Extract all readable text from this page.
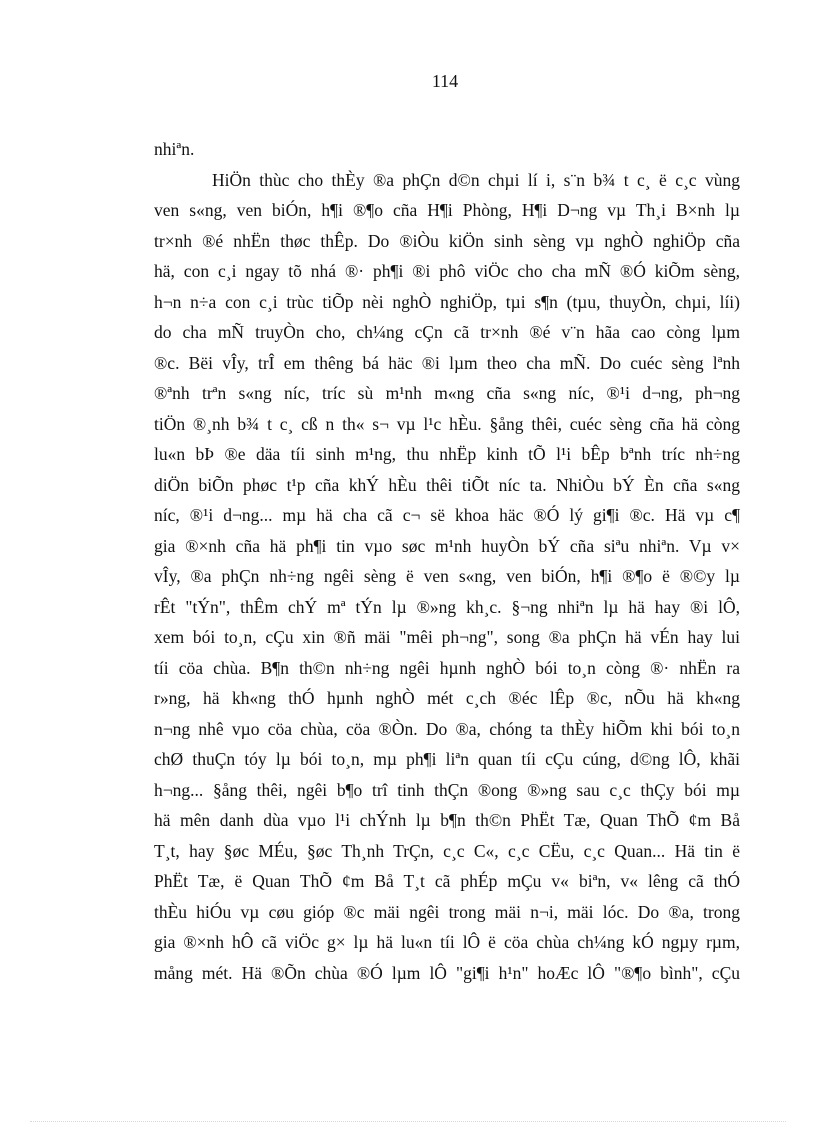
114
nhiªn.
HiÖn thùc cho thÈy ®a phÇn d©n chµi lí i, s¨n b¾ t c¸ ë c¸c vùng
ven s«ng, ven biÓn, h¶i ®¶o cña H¶i Phòng, H¶i D¬ng vµ Th¸i B×nh lµ
tr×nh ®é nhËn thøc thÊp. Do ®iÒu kiÖn sinh sèng vµ nghÒ nghiÖp cña
hä, con c¸i ngay tõ nhá ®· ph¶i ®i phô viÖc cho cha mÑ ®Ó kiÕm sèng,
h¬n n÷a con c¸i trùc tiÕp nèi nghÒ nghiÖp, tµi s¶n (tµu, thuyÒn, chµi, líi)
do cha mÑ truyÒn cho, ch¼ng cÇn cã tr×nh ®é v¨n hãa cao còng lµm
®c. Bëi vÎy, trÎ em thêng bá häc ®i lµm theo cha mÑ. Do cuéc sèng lªnh
®ªnh trªn s«ng níc, tríc sù m¹nh m«ng cña s«ng níc, ®¹i d¬ng, ph¬ng
tiÖn ®¸nh b¾ t c¸ cß n th« s¬ vµ l¹c hÈu. §ång thêi, cuéc sèng cña hä còng
lu«n bÞ ®e däa tíi sinh m¹ng, thu nhËp kinh tÕ l¹i bÊp bªnh tríc nh÷ng
diÖn biÕn phøc t¹p cña khÝ hÈu thêi tiÕt níc ta. NhiÒu bÝ Èn cña s«ng
níc, ®¹i d¬ng... mµ hä cha cã c¬ së khoa häc ®Ó lý gi¶i ®c. Hä vµ c¶
gia ®×nh cña hä ph¶i tin vµo søc m¹nh huyÒn bÝ cña siªu nhiªn. Vµ v×
vÎy, ®a phÇn nh÷ng ngêi sèng ë ven s«ng, ven biÓn, h¶i ®¶o ë ®©y lµ
rÊt "tÝn", thÊm chÝ mª tÝn lµ ®»ng kh¸c. §¬ng nhiªn lµ hä hay ®i lÔ,
xem bói to¸n, cÇu xin ®ñ mäi "mêi ph¬ng", song ®a phÇn hä vÉn hay lui
tíi cöa chùa. B¶n th©n nh÷ng ngêi hµnh nghÒ bói to¸n còng ®· nhËn ra
r»ng, hä kh«ng thÓ hµnh nghÒ mét c¸ch ®éc lÊp ®c, nÕu hä kh«ng
n¬ng nhê vµo cöa chùa, cöa ®Òn. Do ®a, chóng ta thÈy hiÕm khi bói to¸n
chØ thuÇn tóy lµ bói to¸n, mµ ph¶i liªn quan tíi cÇu cúng, d©ng lÔ, khãi
h¬ng... §ång thêi, ngêi b¶o trî tinh thÇn ®ong ®»ng sau c¸c thÇy bói mµ
hä mên danh dùa vµo l¹i chÝnh lµ b¶n th©n PhËt Tæ, Quan ThÕ ¢m Bå
T¸t, hay §øc MÉu, §øc Th¸nh TrÇn, c¸c C«, c¸c CËu, c¸c Quan... Hä tin ë
PhËt Tæ, ë Quan ThÕ ¢m Bå T¸t cã phÉp mÇu v« biªn, v« lêng cã thÓ
thÈu hiÓu vµ cøu gióp ®c mäi ngêi trong mäi n¬i, mäi lóc. Do ®a, trong
gia ®×nh hÔ cã viÖc g× lµ hä lu«n tíi lÔ ë cöa chùa ch¼ng kÓ ngµy rµm,
mång mét. Hä ®Õn chùa ®Ó lµm lÔ "gi¶i h¹n" hoÆc lÔ "®¶o bình", cÇu
